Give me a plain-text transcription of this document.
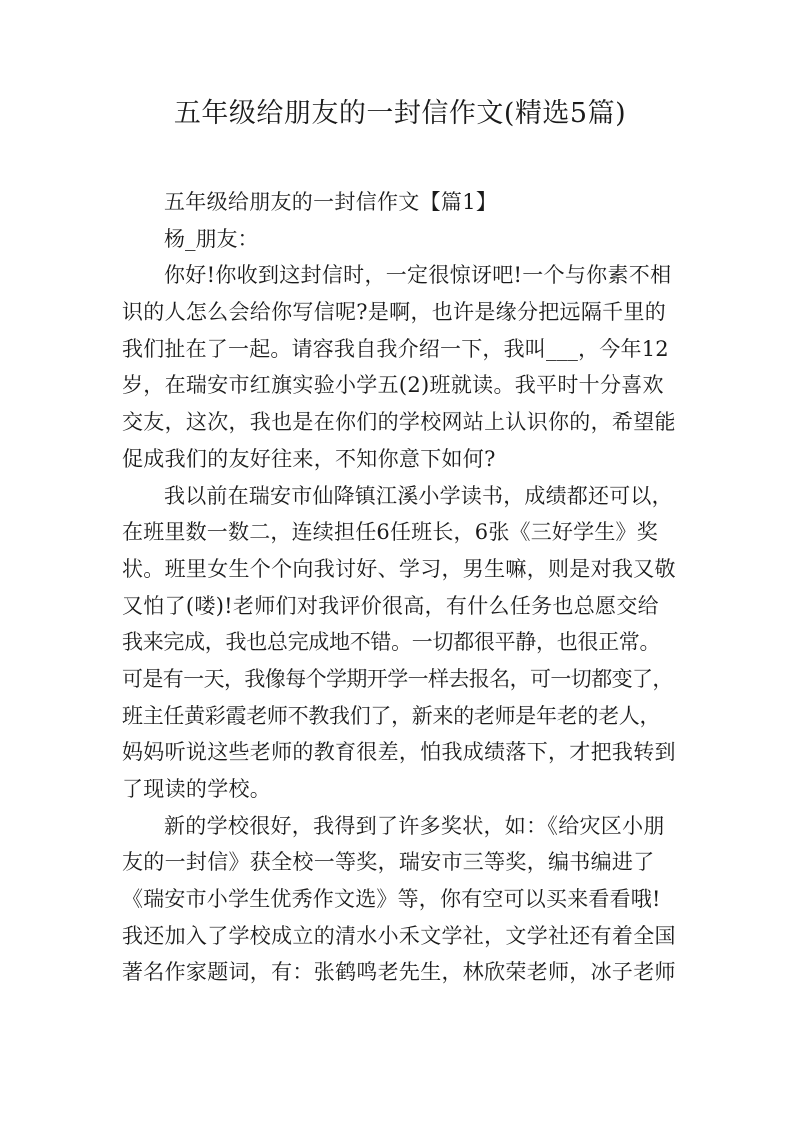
五年级给朋友的一封信作文(精选5篇)
五年级给朋友的一封信作文【篇1】
杨_朋友：
你好!你收到这封信时，一定很惊讶吧!一个与你素不相
识的人怎么会给你写信呢?是啊，也许是缘分把远隔千里的
我们扯在了一起。请容我自我介绍一下，我叫___，今年12
岁，在瑞安市红旗实验小学五(2)班就读。我平时十分喜欢
交友，这次，我也是在你们的学校网站上认识你的，希望能
促成我们的友好往来，不知你意下如何?
我以前在瑞安市仙降镇江溪小学读书，成绩都还可以，
在班里数一数二，连续担任6任班长，6张《三好学生》奖
状。班里女生个个向我讨好、学习，男生嘛，则是对我又敬
又怕了(喽)!老师们对我评价很高，有什么任务也总愿交给
我来完成，我也总完成地不错。一切都很平静，也很正常。
可是有一天，我像每个学期开学一样去报名，可一切都变了，
班主任黄彩霞老师不教我们了，新来的老师是年老的老人，
妈妈听说这些老师的教育很差，怕我成绩落下，才把我转到
了现读的学校。
新的学校很好，我得到了许多奖状，如：《给灾区小朋
友的一封信》获全校一等奖，瑞安市三等奖，编书编进了
《瑞安市小学生优秀作文选》等，你有空可以买来看看哦!
我还加入了学校成立的清水小禾文学社，文学社还有着全国
著名作家题词，有：张鹤鸣老先生，林欣荣老师，冰子老师
